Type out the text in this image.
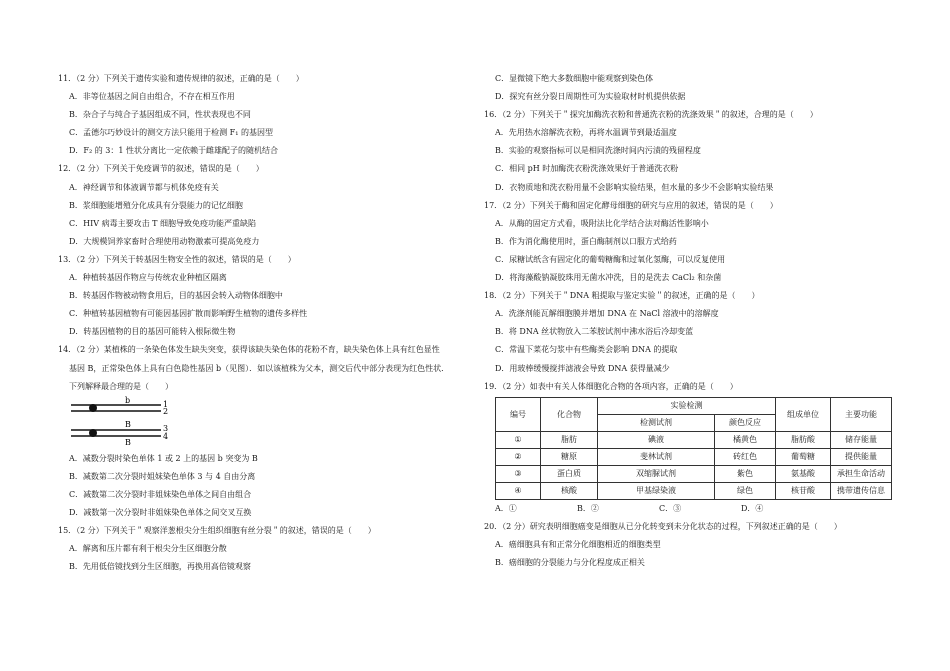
11．（2 分）下列关于遗传实验和遗传规律的叙述，正确的是（　　）
A．非等位基因之间自由组合，不存在相互作用
B．杂合子与纯合子基因组成不同，性状表现也不同
C．孟德尔巧妙设计的测交方法只能用于检测 F₁ 的基因型
D．F₂ 的 3：1 性状分离比一定依赖于雌雄配子的随机结合
12．（2 分）下列关于免疫调节的叙述，错误的是（　　）
A．神经调节和体液调节都与机体免疫有关
B．浆细胞能增殖分化成具有分裂能力的记忆细胞
C．HIV 病毒主要攻击 T 细胞导致免疫功能严重缺陷
D．大规模饲养家畜时合理使用动物激素可提高免疫力
13．（2 分）下列关于转基因生物安全性的叙述，错误的是（　　）
A．种植转基因作物应与传统农业种植区隔离
B．转基因作物被动物食用后，目的基因会转入动物体细胞中
C．种植转基因植物有可能因基因扩散而影响野生植物的遗传多样性
D．转基因植物的目的基因可能转入根际微生物
14．（2 分）某植株的一条染色体发生缺失突变，获得该缺失染色体的花粉不育，缺失染色体上具有红色显性
基因 B，正常染色体上具有白色隐性基因 b（见图）．如以该植株为父本，测交后代中部分表现为红色性状．
下列解释最合理的是（　　）
b	1
2
B	3
B
4
A．减数分裂时染色单体 1 或 2 上的基因 b 突变为 B
B．减数第二次分裂时姐妹染色单体 3 与 4 自由分离
C．减数第二次分裂时非姐妹染色单体之间自由组合
D．减数第一次分裂时非姐妹染色单体之间交叉互换
15．（2 分）下列关于＂观察洋葱根尖分生组织细胞有丝分裂＂的叙述，错误的是（　　）
A．解离和压片都有利于根尖分生区细胞分散
B．先用低倍镜找到分生区细胞，再换用高倍镜观察
C．显微镜下绝大多数细胞中能观察到染色体
D．探究有丝分裂日周期性可为实验取材时机提供依据
16．（2 分）下列关于＂探究加酶洗衣粉和普通洗衣粉的洗涤效果＂的叙述，合理的是（　　）
A．先用热水溶解洗衣粉，再将水温调节到最适温度
B．实验的观察指标可以是相同洗涤时间内污渍的残留程度
C．相同 pH 时加酶洗衣粉洗涤效果好于普通洗衣粉
D．衣物质地和洗衣粉用量不会影响实验结果，但水量的多少不会影响实验结果
17．（2 分）下列关于酶和固定化酵母细胞的研究与应用的叙述，错误的是（　　）
A．从酶的固定方式看，吸附法比化学结合法对酶活性影响小
B．作为消化酶使用时，蛋白酶制剂以口服方式给药
C．尿糖试纸含有固定化的葡萄糖酶和过氧化氢酶，可以反复使用
D．将海藻酸钠凝胶珠用无菌水冲洗，目的是洗去 CaCl₂ 和杂菌
18．（2 分）下列关于＂DNA 粗提取与鉴定实验＂的叙述，正确的是（　　）
A．洗涤剂能瓦解细胞膜并增加 DNA 在 NaCl 溶液中的溶解度
B．将 DNA 丝状物放入二苯胺试剂中沸水浴后冷却变蓝
C．常温下菜花匀浆中有些酶类会影响 DNA 的提取
D．用玻棒缓慢搅拌滤液会导致 DNA 获得量减少
19．（2 分）如表中有关人体细胞化合物的各项内容，正确的是（　　）
编号	化合物	实验检测		组成单位	主要功能
		检测试剂	颜色反应		
①	脂肪	碘液	橘黄色	脂肪酸	储存能量
②	糖原	斐林试剂	砖红色	葡萄糖	提供能量
③	蛋白质	双缩脲试剂	紫色	氨基酸	承担生命活动
④	核酸	甲基绿染液	绿色	核苷酸	携带遗传信息
A．①	B．②	C．③	D．④
20．（2 分）研究表明细胞癌变是细胞从已分化转变到未分化状态的过程，下列叙述正确的是（　　）
A．癌细胞具有和正常分化细胞相近的细胞类型
B．癌细胞的分裂能力与分化程度成正相关
